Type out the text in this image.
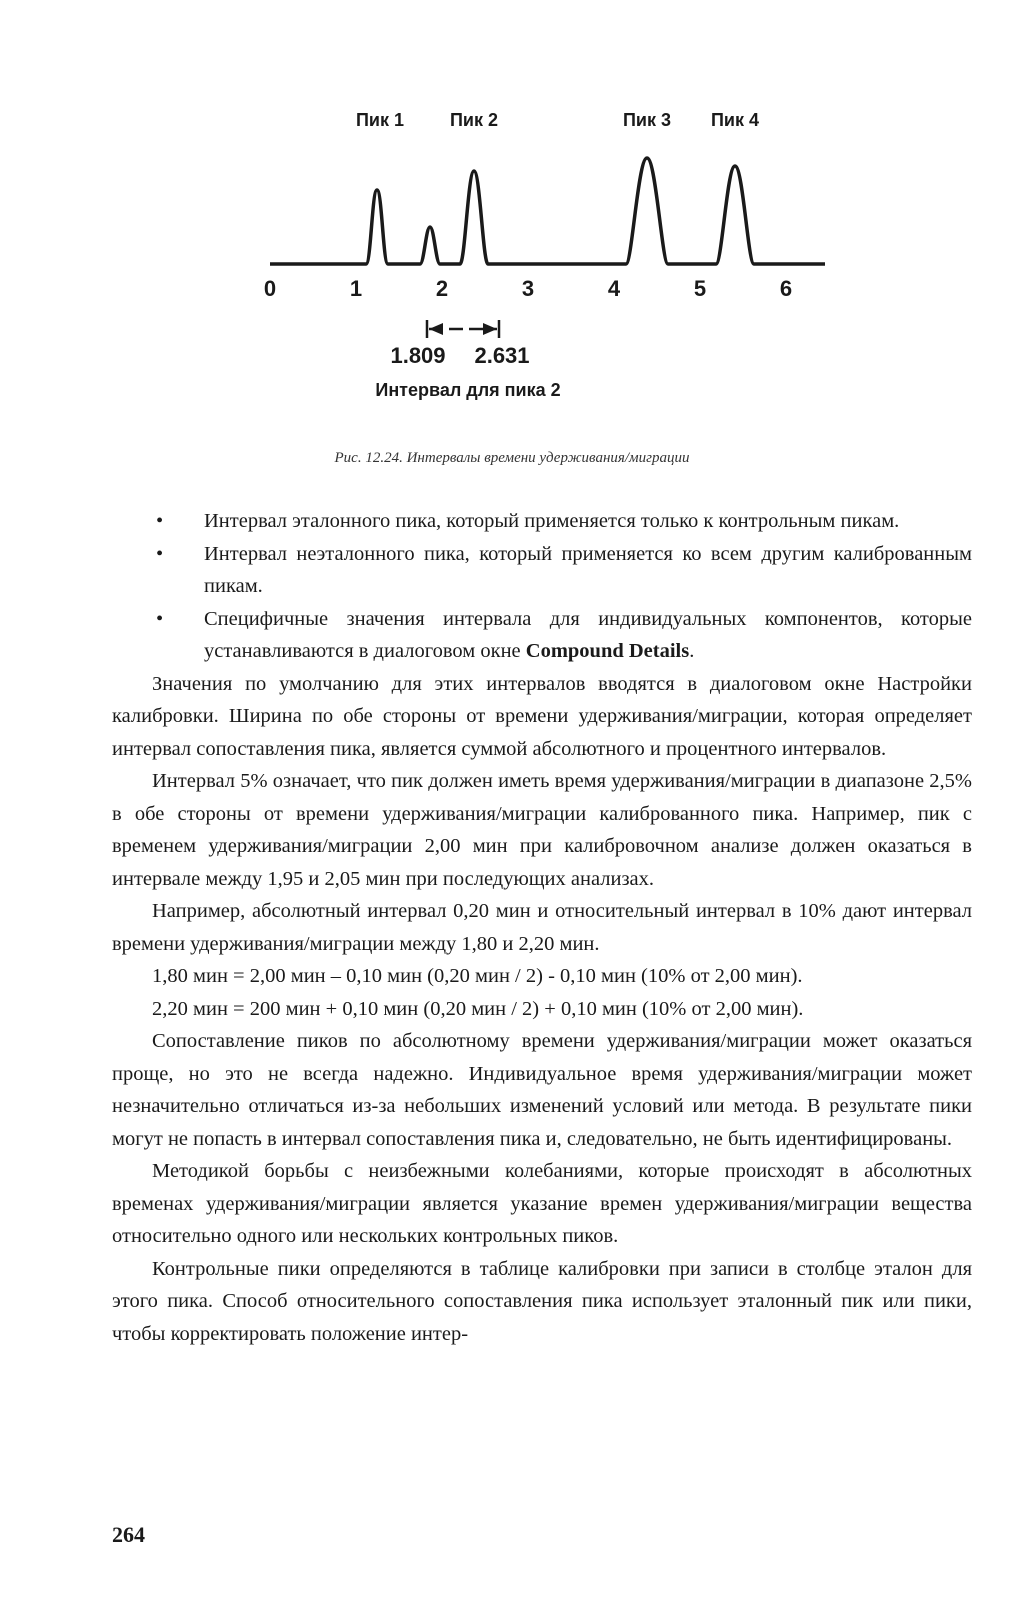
Пик 1	Пик 2	Пик 3 Пик 4
0	1	2	3	4	5	6
1.809 2.631
Интервал для пика 2
Рис. 12.24. Интервалы времени удерживания/миграции

• Интервал эталонного пика, который применяется только к контрольным пикам.

• Интервал неэталонного пика, который применяется ко всем другим калиброванным пикам.

• Специфичные значения интервала для индивидуальных компонентов, которые устанавливаются в диалоговом окне Compound Details.

Значения по умолчанию для этих интервалов вводятся в диалоговом окне Настройки калибровки. Ширина по обе стороны от времени удерживания/миграции, которая определяет интервал сопоставления пика, является суммой абсолютного и процентного интервалов.

Интервал 5% означает, что пик должен иметь время удерживания/миграции в диапазоне 2,5% в обе стороны от времени удерживания/миграции калиброванного пика. Например, пик с временем удерживания/миграции 2,00 мин при калибровочном анализе должен оказаться в интервале между 1,95 и 2,05 мин при последующих анализах.

Например, абсолютный интервал 0,20 мин и относительный интервал в 10% дают интервал времени удерживания/миграции между 1,80 и 2,20 мин.

1,80 мин = 2,00 мин – 0,10 мин (0,20 мин / 2) - 0,10 мин (10% от 2,00 мин).

2,20 мин = 200 мин + 0,10 мин (0,20 мин / 2) + 0,10 мин (10% от 2,00 мин).

Сопоставление пиков по абсолютному времени удерживания/миграции может оказаться проще, но это не всегда надежно. Индивидуальное время удерживания/миграции может незначительно отличаться из-за небольших изменений условий или метода. В результате пики могут не попасть в интервал сопоставления пика и, следовательно, не быть идентифицированы.

Методикой борьбы с неизбежными колебаниями, которые происходят в абсолютных временах удерживания/миграции является указание времен удерживания/миграции вещества относительно одного или нескольких контрольных пиков.

Контрольные пики определяются в таблице калибровки при записи в столбце эталон для этого пика. Способ относительного сопоставления пика использует эталонный пик или пики, чтобы корректировать положение интер-

264
